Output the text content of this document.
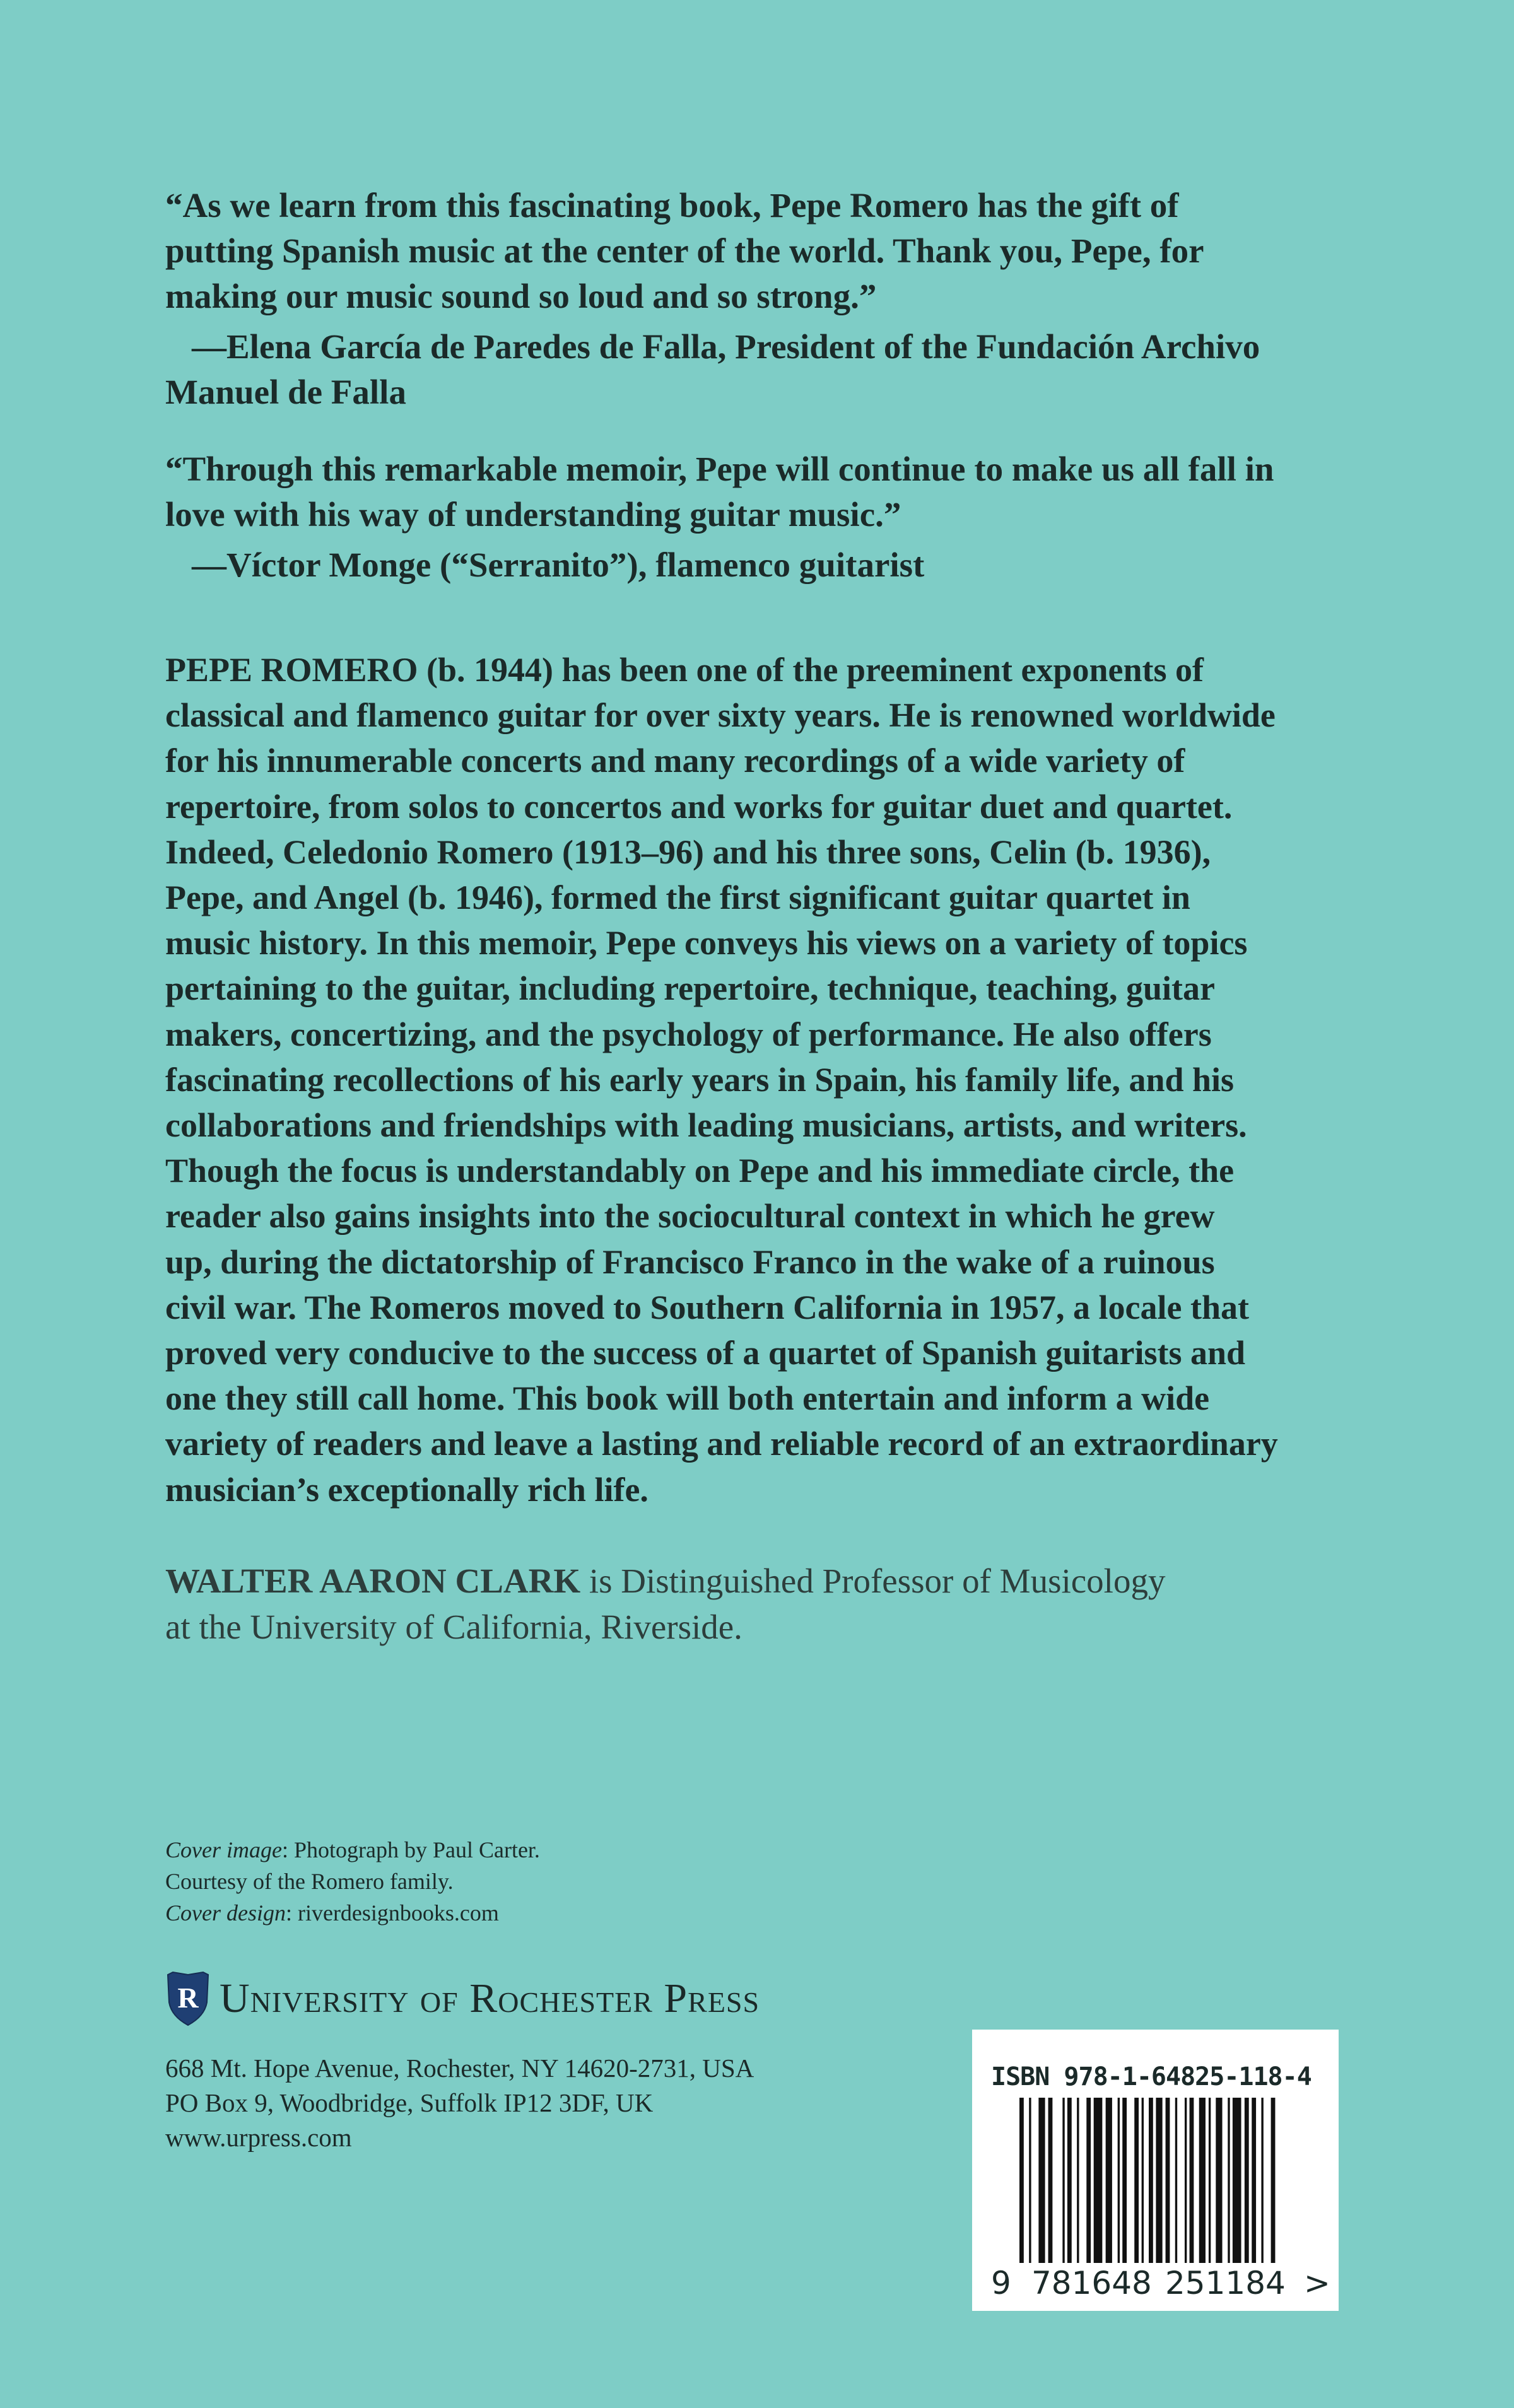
“As we learn from this fascinating book, Pepe Romero has the gift of
putting Spanish music at the center of the world. Thank you, Pepe, for
making our music sound so loud and so strong.”
—Elena García de Paredes de Falla, President of the Fundación Archivo
Manuel de Falla
“Through this remarkable memoir, Pepe will continue to make us all fall in
love with his way of understanding guitar music.”
—Víctor Monge (“Serranito”), flamenco guitarist
PEPE ROMERO (b. 1944) has been one of the preeminent exponents of
classical and flamenco guitar for over sixty years. He is renowned worldwide
for his innumerable concerts and many recordings of a wide variety of
repertoire, from solos to concertos and works for guitar duet and quartet.
Indeed, Celedonio Romero (1913–96) and his three sons, Celin (b. 1936),
Pepe, and Angel (b. 1946), formed the first significant guitar quartet in
music history. In this memoir, Pepe conveys his views on a variety of topics
pertaining to the guitar, including repertoire, technique, teaching, guitar
makers, concertizing, and the psychology of performance. He also offers
fascinating recollections of his early years in Spain, his family life, and his
collaborations and friendships with leading musicians, artists, and writers.
Though the focus is understandably on Pepe and his immediate circle, the
reader also gains insights into the sociocultural context in which he grew
up, during the dictatorship of Francisco Franco in the wake of a ruinous
civil war. The Romeros moved to Southern California in 1957, a locale that
proved very conducive to the success of a quartet of Spanish guitarists and
one they still call home. This book will both entertain and inform a wide
variety of readers and leave a lasting and reliable record of an extraordinary
musician’s exceptionally rich life.
WALTER AARON CLARK is Distinguished Professor of Musicology
at the University of California, Riverside.
Cover image: Photograph by Paul Carter.
Courtesy of the Romero family.
Cover design: riverdesignbooks.com
R University of Rochester Press
668 Mt. Hope Avenue, Rochester, NY 14620-2731, USA
PO Box 9, Woodbridge, Suffolk IP12 3DF, UK
www.urpress.com
ISBN 978-1-64825-118-4
9 781648 251184 >
